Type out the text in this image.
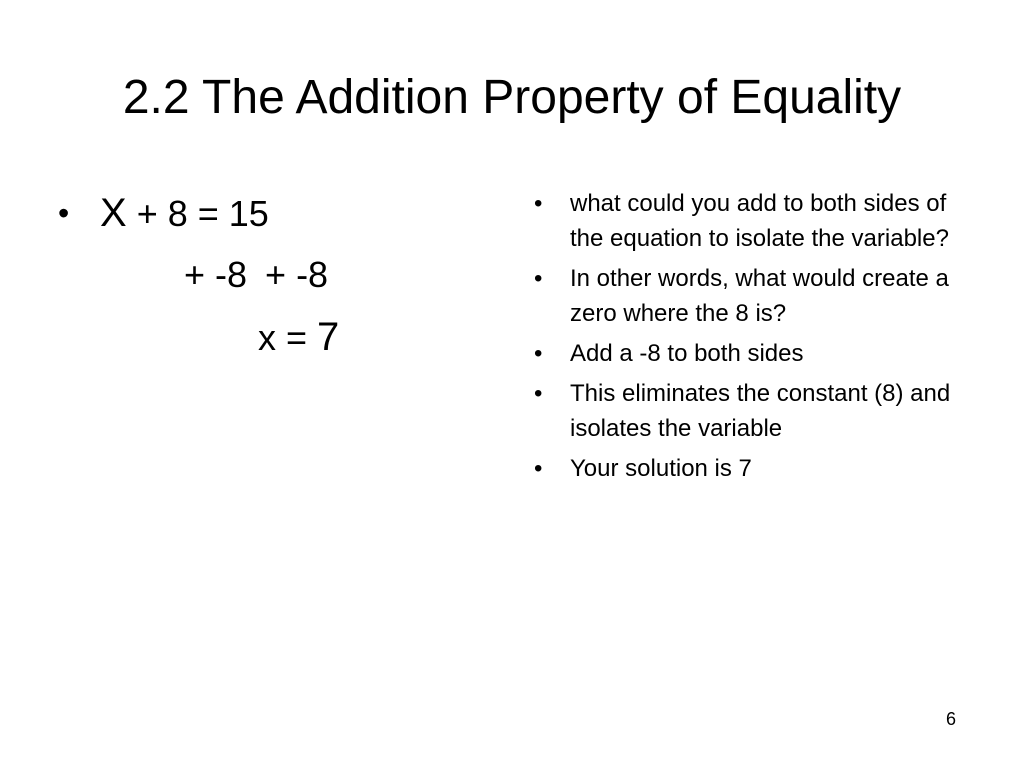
2.2 The Addition Property of Equality
• X + 8 = 15
+ -8 + -8
x = 7
• what could you add to both sides of the equation to isolate the variable?
• In other words, what would create a zero where the 8 is?
• Add a -8 to both sides
• This eliminates the constant (8) and isolates the variable
• Your solution is 7
6
